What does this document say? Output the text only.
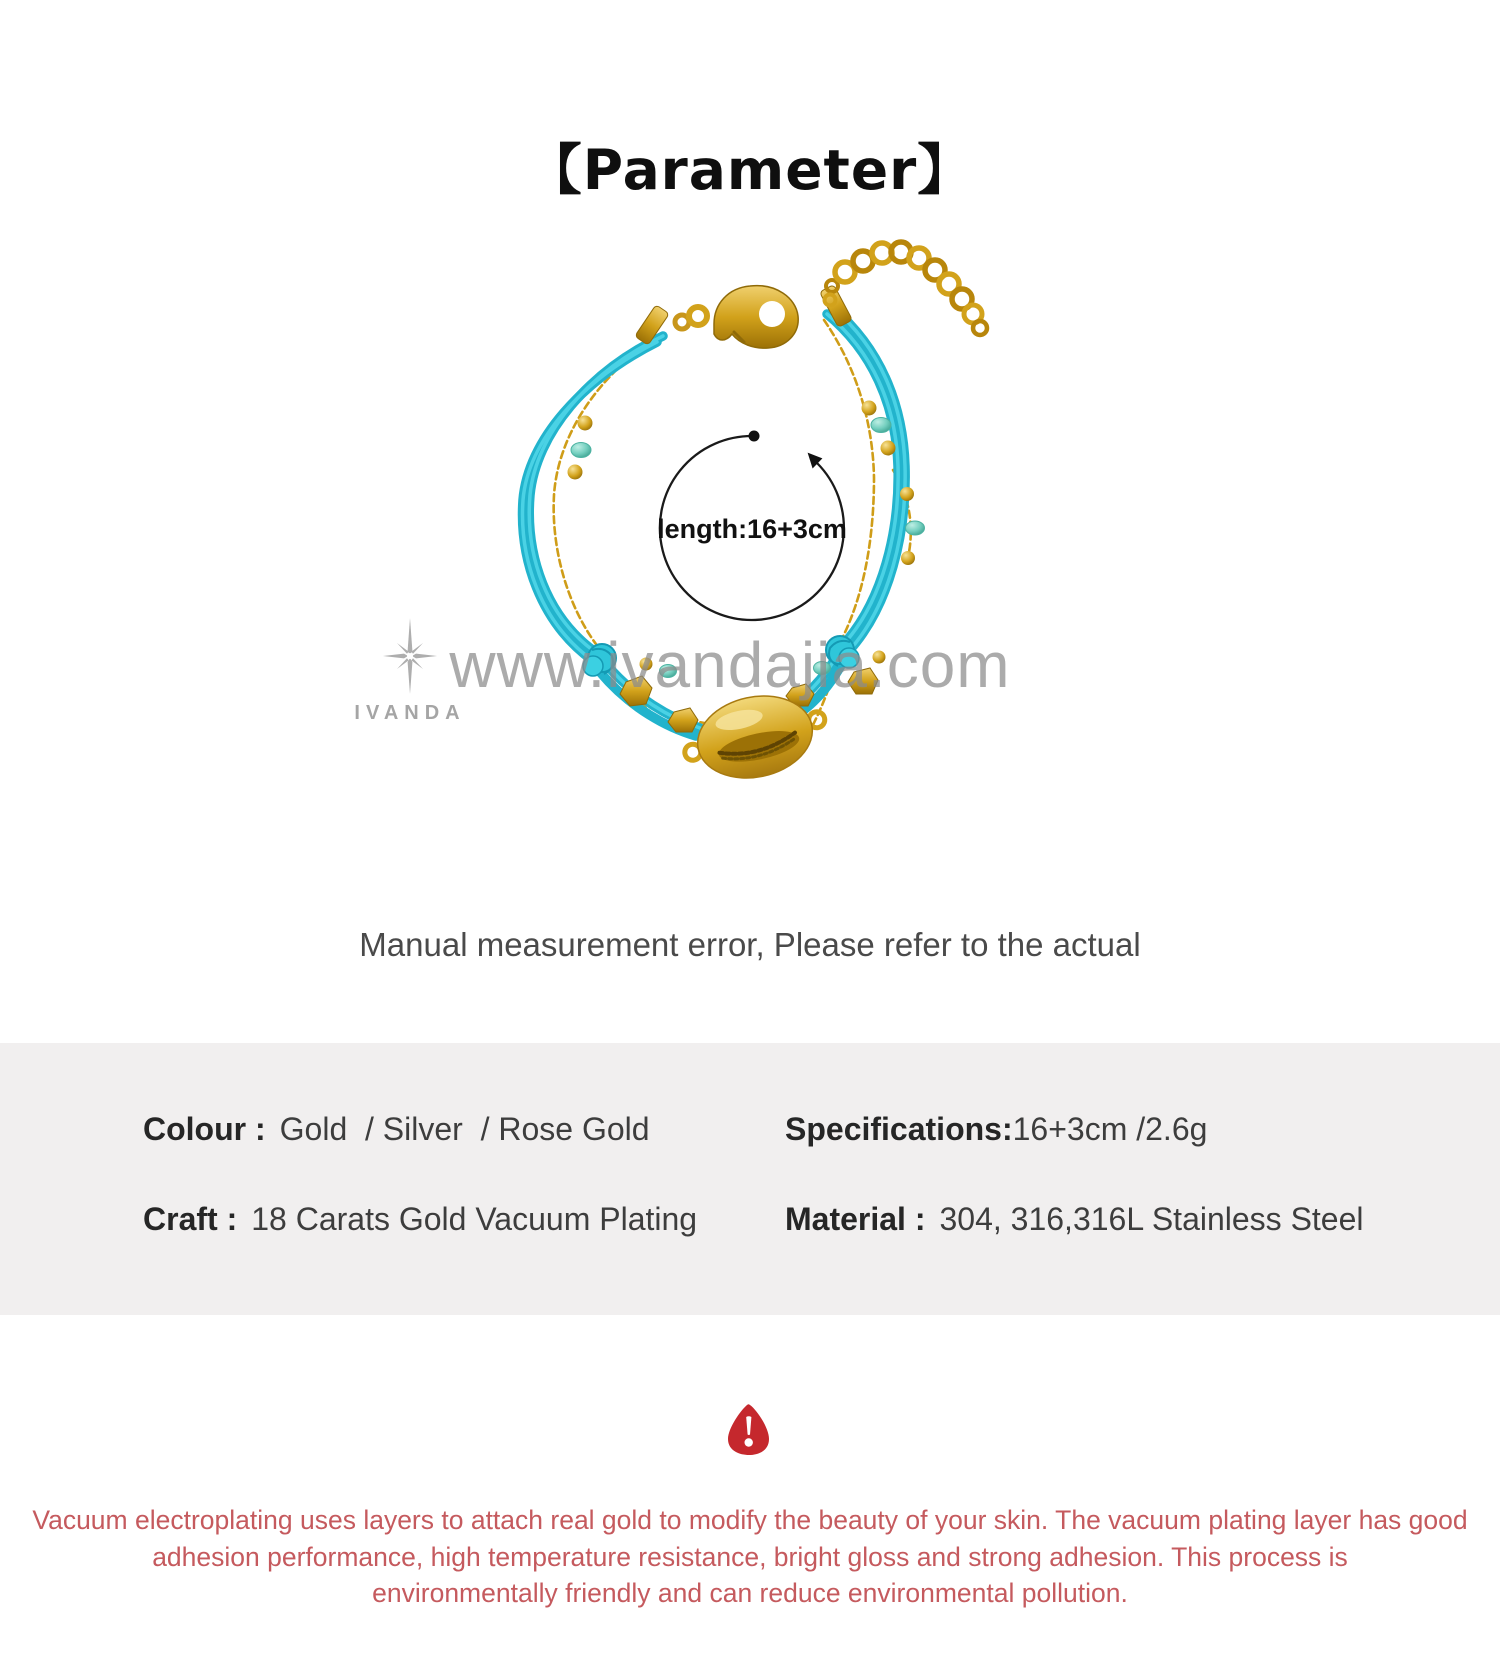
【Parameter】
length:16+3cm
IVANDA
www.ivandajia.com
Manual measurement error, Please refer to the actual
Colour : Gold  / Silver  / Rose Gold	Specifications:16+3cm /2.6g
Craft : 18 Carats Gold Vacuum Plating	Material : 304, 316,316L Stainless Steel
Vacuum electroplating uses layers to attach real gold to modify the beauty of your skin. The vacuum plating layer has good
adhesion performance, high temperature resistance, bright gloss and strong adhesion. This process is
environmentally friendly and can reduce environmental pollution.
